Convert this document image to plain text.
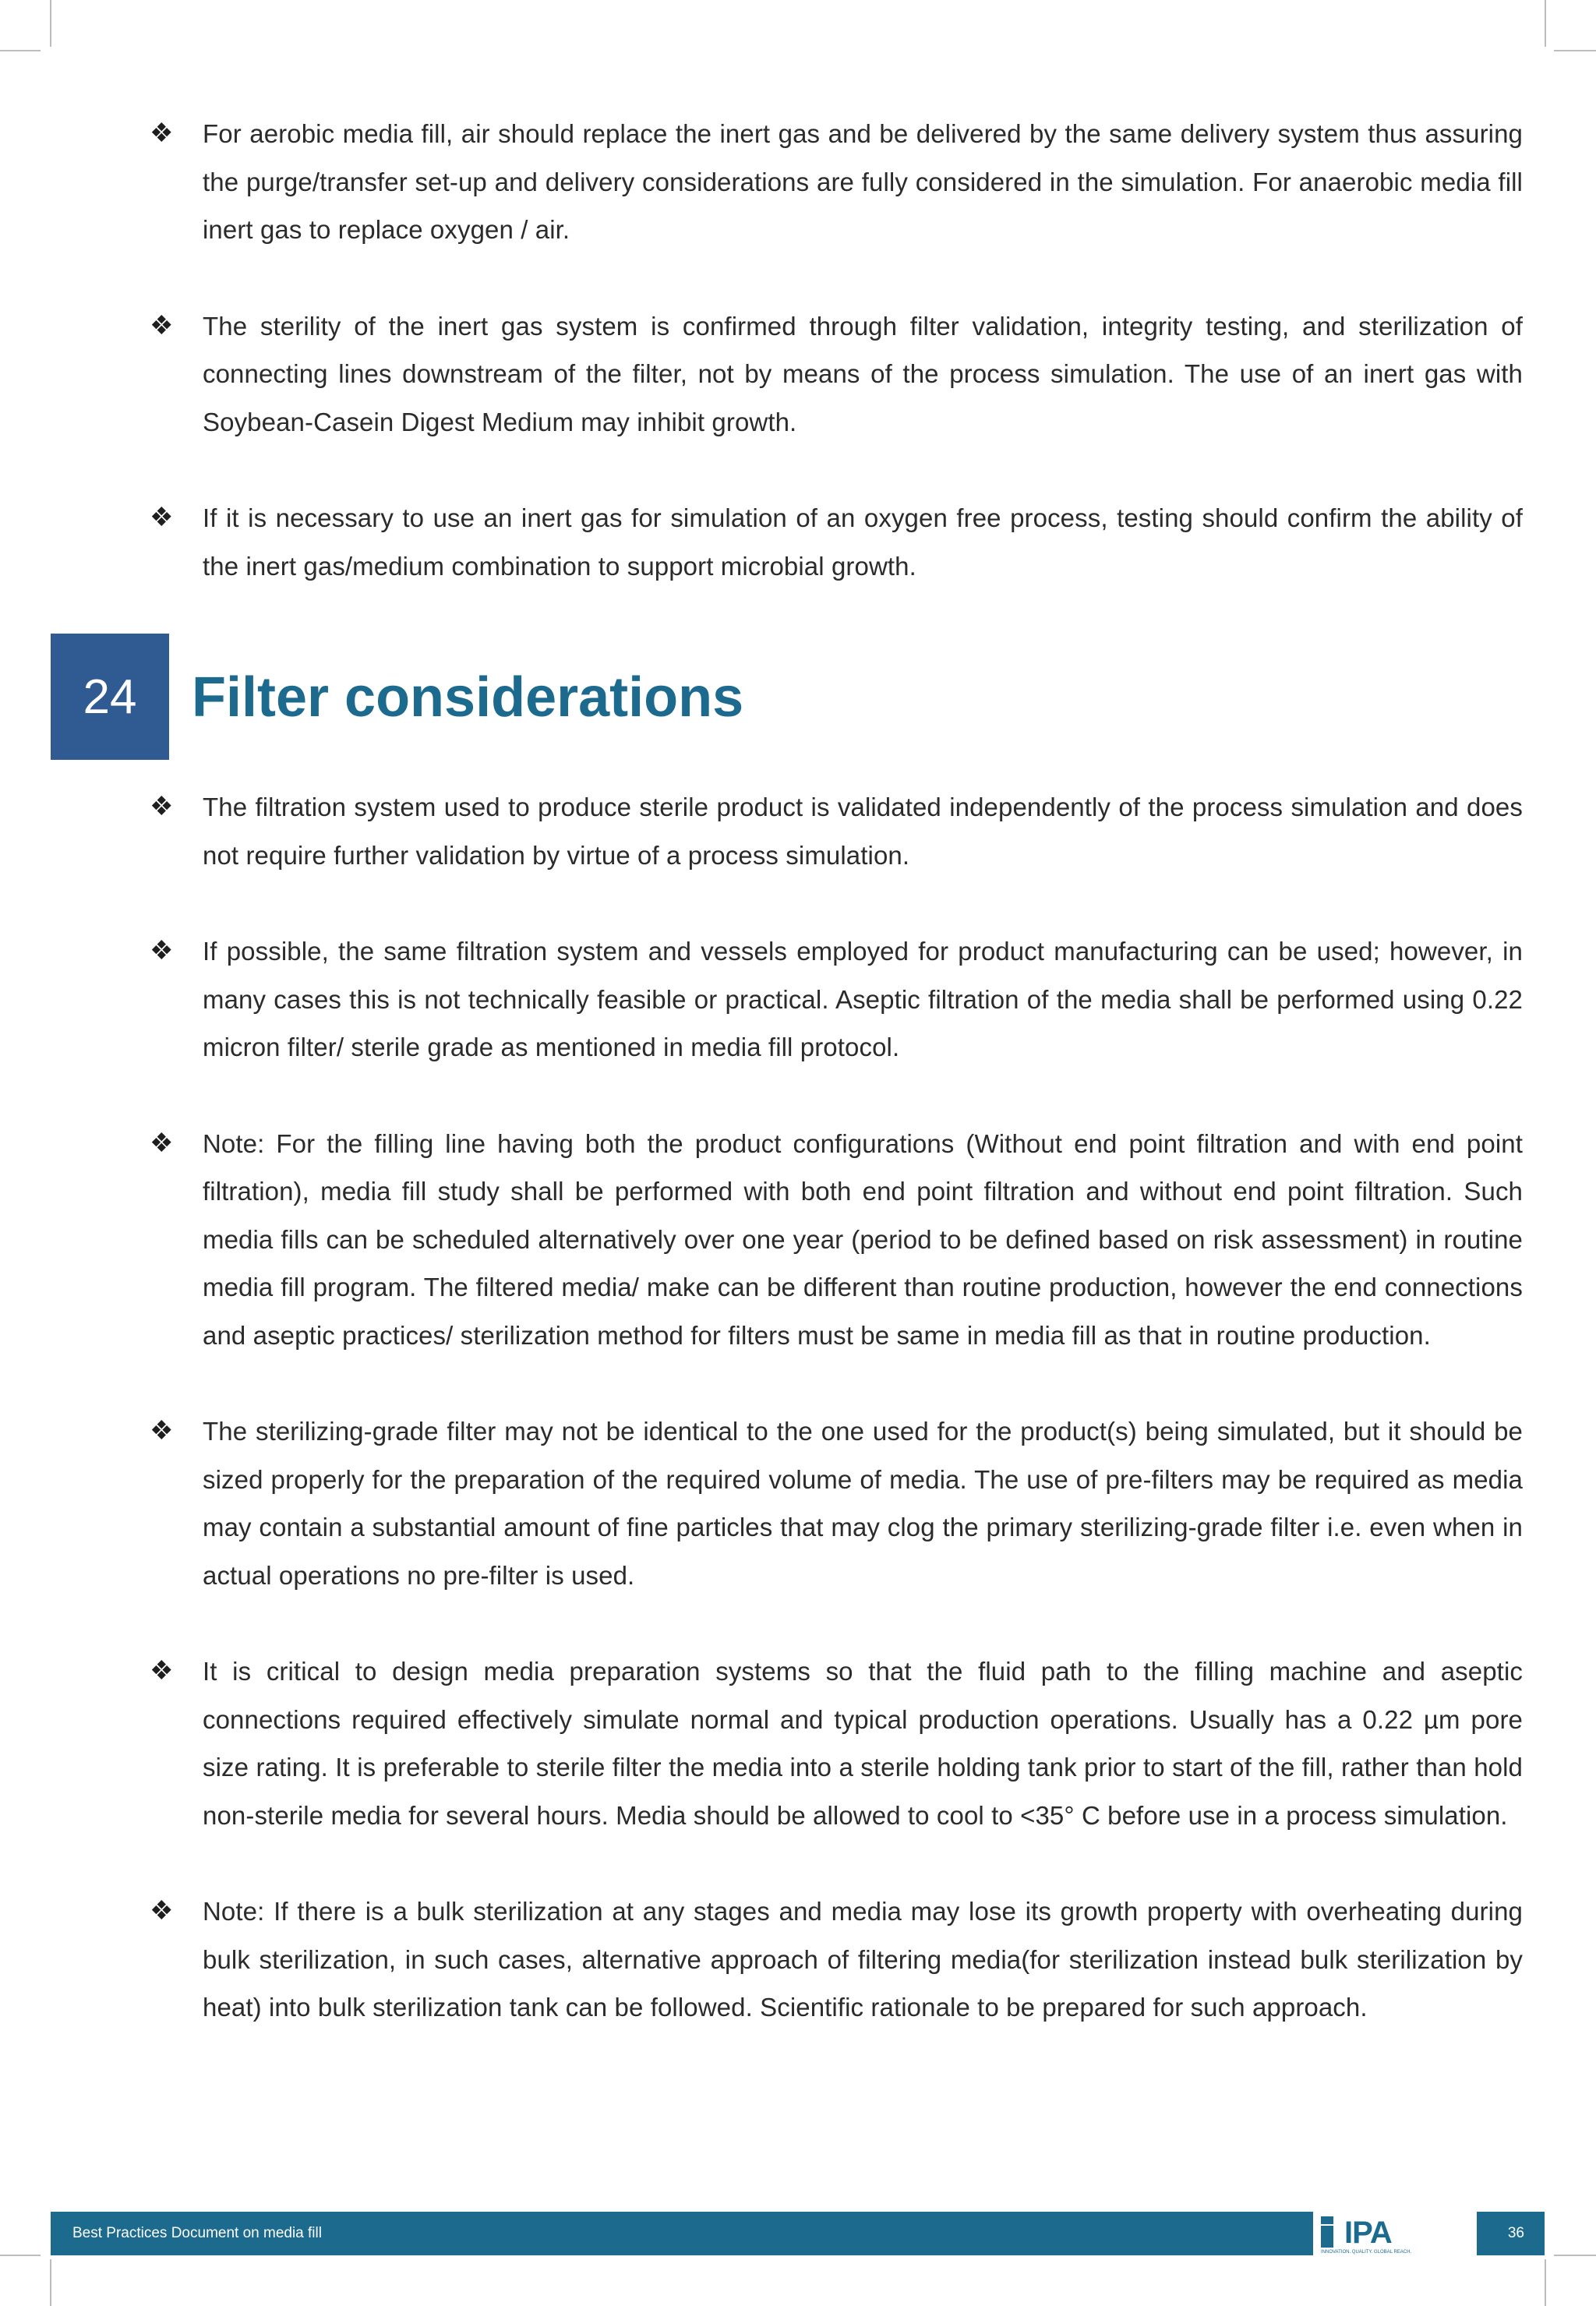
❖ For aerobic media fill, air should replace the inert gas and be delivered by the same delivery system thus assuring the purge/transfer set-up and delivery considerations are fully considered in the simulation. For anaerobic media fill inert gas to replace oxygen / air.

❖ The sterility of the inert gas system is confirmed through filter validation, integrity testing, and sterilization of connecting lines downstream of the filter, not by means of the process simulation. The use of an inert gas with Soybean-Casein Digest Medium may inhibit growth.

❖ If it is necessary to use an inert gas for simulation of an oxygen free process, testing should confirm the ability of the inert gas/medium combination to support microbial growth.

24 Filter considerations
❖ The filtration system used to produce sterile product is validated independently of the process simulation and does not require further validation by virtue of a process simulation.

❖ If possible, the same filtration system and vessels employed for product manufacturing can be used; however, in many cases this is not technically feasible or practical. Aseptic filtration of the media shall be performed using 0.22 micron filter/ sterile grade as mentioned in media fill protocol.

❖ Note: For the filling line having both the product configurations (Without end point filtration and with end point filtration), media fill study shall be performed with both end point filtration and without end point filtration. Such media fills can be scheduled alternatively over one year (period to be defined based on risk assessment) in routine media fill program. The filtered media/ make can be different than routine production, however the end connections and aseptic practices/ sterilization method for filters must be same in media fill as that in routine production.

❖ The sterilizing-grade filter may not be identical to the one used for the product(s) being simulated, but it should be sized properly for the preparation of the required volume of media. The use of pre-filters may be required as media may contain a substantial amount of fine particles that may clog the primary sterilizing-grade filter i.e. even when in actual operations no pre-filter is used.

❖ It is critical to design media preparation systems so that the fluid path to the filling machine and aseptic connections required effectively simulate normal and typical production operations. Usually has a 0.22 µm pore size rating. It is preferable to sterile filter the media into a sterile holding tank prior to start of the fill, rather than hold non-sterile media for several hours. Media should be allowed to cool to <35° C before use in a process simulation.

❖ Note: If there is a bulk sterilization at any stages and media may lose its growth property with overheating during bulk sterilization, in such cases, alternative approach of filtering media(for sterilization instead bulk sterilization by heat) into bulk sterilization tank can be followed. Scientific rationale to be prepared for such approach.

Best Practices Document on media fill	IPA
INNOVATION. QUALITY. GLOBAL REACH.
36
